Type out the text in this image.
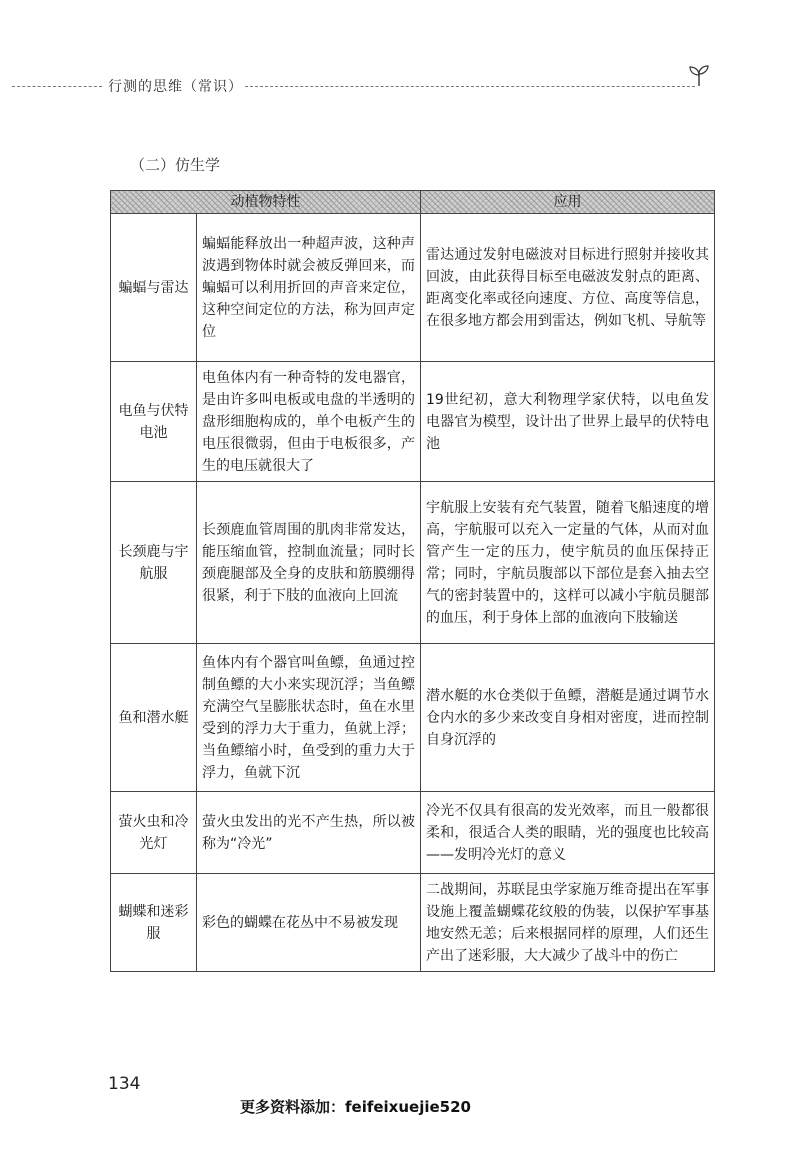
行测的思维（常识）
（二）仿生学
动植物特性		应用
蝙蝠与雷达	蝙蝠能释放出一种超声波，这种声波遇到物体时就会被反弹回来，而蝙蝠可以利用折回的声音来定位，这种空间定位的方法，称为回声定位	雷达通过发射电磁波对目标进行照射并接收其回波，由此获得目标至电磁波发射点的距离、距离变化率或径向速度、方位、高度等信息，在很多地方都会用到雷达，例如飞机、导航等
电鱼与伏特电池	电鱼体内有一种奇特的发电器官，是由许多叫电板或电盘的半透明的盘形细胞构成的，单个电板产生的电压很微弱，但由于电板很多，产生的电压就很大了	19世纪初，意大利物理学家伏特，以电鱼发电器官为模型，设计出了世界上最早的伏特电池
长颈鹿与宇航服	长颈鹿血管周围的肌肉非常发达，能压缩血管，控制血流量；同时长颈鹿腿部及全身的皮肤和筋膜绷得很紧，利于下肢的血液向上回流	宇航服上安装有充气装置，随着飞船速度的增高，宇航服可以充入一定量的气体，从而对血管产生一定的压力，使宇航员的血压保持正常；同时，宇航员腹部以下部位是套入抽去空气的密封装置中的，这样可以减小宇航员腿部的血压，利于身体上部的血液向下肢输送
鱼和潜水艇	鱼体内有个器官叫鱼鳔，鱼通过控制鱼鳔的大小来实现沉浮；当鱼鳔充满空气呈膨胀状态时，鱼在水里受到的浮力大于重力，鱼就上浮；当鱼鳔缩小时，鱼受到的重力大于浮力，鱼就下沉	潜水艇的水仓类似于鱼鳔，潜艇是通过调节水仓内水的多少来改变自身相对密度，进而控制自身沉浮的
萤火虫和冷光灯	萤火虫发出的光不产生热，所以被称为“冷光”	冷光不仅具有很高的发光效率，而且一般都很柔和，很适合人类的眼睛，光的强度也比较高——发明冷光灯的意义
蝴蝶和迷彩服	彩色的蝴蝶在花丛中不易被发现	二战期间，苏联昆虫学家施万维奇提出在军事设施上覆盖蝴蝶花纹般的伪装，以保护军事基地安然无恙；后来根据同样的原理，人们还生产出了迷彩服，大大减少了战斗中的伤亡
134
更多资料添加：feifeixuejie520
